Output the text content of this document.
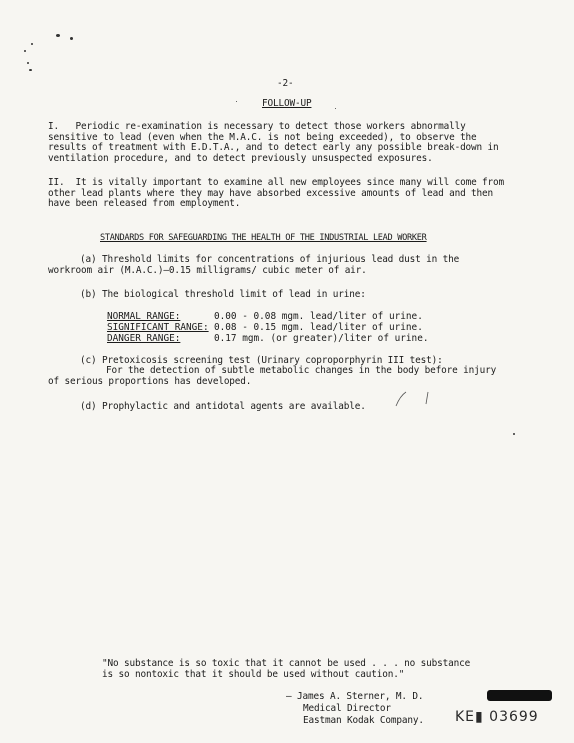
-2-
FOLLOW-UP
I. Periodic re-examination is necessary to detect those workers abnormally sensitive to lead (even when the M.A.C. is not being exceeded), to observe the results of treatment with E.D.T.A., and to detect early any possible break-down in ventilation procedure, and to detect previously unsuspected exposures.
II. It is vitally important to examine all new employees since many will come from other lead plants where they may have absorbed excessive amounts of lead and then have been released from employment.
STANDARDS FOR SAFEGUARDING THE HEALTH OF THE INDUSTRIAL LEAD WORKER
(a) Threshold limits for concentrations of injurious lead dust in the workroom air (M.A.C.)—0.15 milligrams/ cubic meter of air.
(b) The biological threshold limit of lead in urine:
NORMAL RANGE:	0.00 - 0.08 mgm. lead/liter of urine.
SIGNIFICANT RANGE: 0.08 - 0.15 mgm. lead/liter of urine.
DANGER RANGE:	0.17 mgm. (or greater)/liter of urine.
(c) Pretoxicosis screening test (Urinary coproporphyrin III test):
For the detection of subtle metabolic changes in the body before injury of serious proportions has developed.
(d) Prophylactic and antidotal agents are available.
"No substance is so toxic that it cannot be used . . . no substance
is so nontoxic that it should be used without caution."
— James A. Sterner, M. D.
Medical Director
Eastman Kodak Company. KE▮ 03699
